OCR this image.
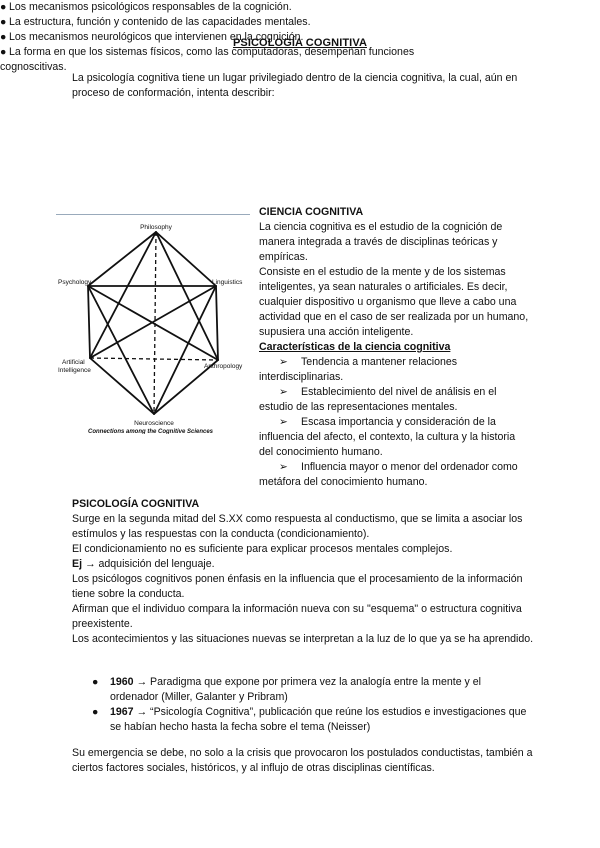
PSICOLOGÍA COGNITIVA
La psicología cognitiva tiene un lugar privilegiado dentro de la ciencia cognitiva, la cual, aún en proceso de conformación, intenta describir:
● Los mecanismos psicológicos responsables de la cognición.
● La estructura, función y contenido de las capacidades mentales.
● Los mecanismos neurológicos que intervienen en la cognición.
● La forma en que los sistemas físicos, como las computadoras, desempeñan funciones cognoscitivas.
Philosophy
Linguistics
Psychology
Artificial
Intelligence
Anthropology
Neuroscience
Connections among the Cognitive Sciences
CIENCIA COGNITIVA
La ciencia cognitiva es el estudio de la cognición de manera integrada a través de disciplinas teóricas y empíricas.
Consiste en el estudio de la mente y de los sistemas inteligentes, ya sean naturales o artificiales. Es decir, cualquier dispositivo u organismo que lleve a cabo una actividad que en el caso de ser realizada por un humano, supusiera una acción inteligente.
Características de la ciencia cognitiva
➢ Tendencia a mantener relaciones interdisciplinarias.
➢ Establecimiento del nivel de análisis en el estudio de las representaciones mentales.
➢ Escasa importancia y consideración de la influencia del afecto, el contexto, la cultura y la historia del conocimiento humano.
➢ Influencia mayor o menor del ordenador como metáfora del conocimiento humano.
PSICOLOGÍA COGNITIVA

Surge en la segunda mitad del S.XX como respuesta al conductismo, que se limita a asociar los estímulos y las respuestas con la conducta (condicionamiento).

El condicionamiento no es suficiente para explicar procesos mentales complejos.

Ej → adquisición del lenguaje.

Los psicólogos cognitivos ponen énfasis en la influencia que el procesamiento de la información tiene sobre la conducta.

Afirman que el individuo compara la información nueva con su "esquema" o estructura cognitiva preexistente.

Los acontecimientos y las situaciones nuevas se interpretan a la luz de lo que ya se ha aprendido.

● 1960 → Paradigma que expone por primera vez la analogía entre la mente y el ordenador (Miller, Galanter y Pribram)
● 1967 → “Psicología Cognitiva”, publicación que reúne los estudios e investigaciones que se habían hecho hasta la fecha sobre el tema (Neisser)
Su emergencia se debe, no solo a la crisis que provocaron los postulados conductistas, también a ciertos factores sociales, históricos, y al influjo de otras disciplinas científicas.
